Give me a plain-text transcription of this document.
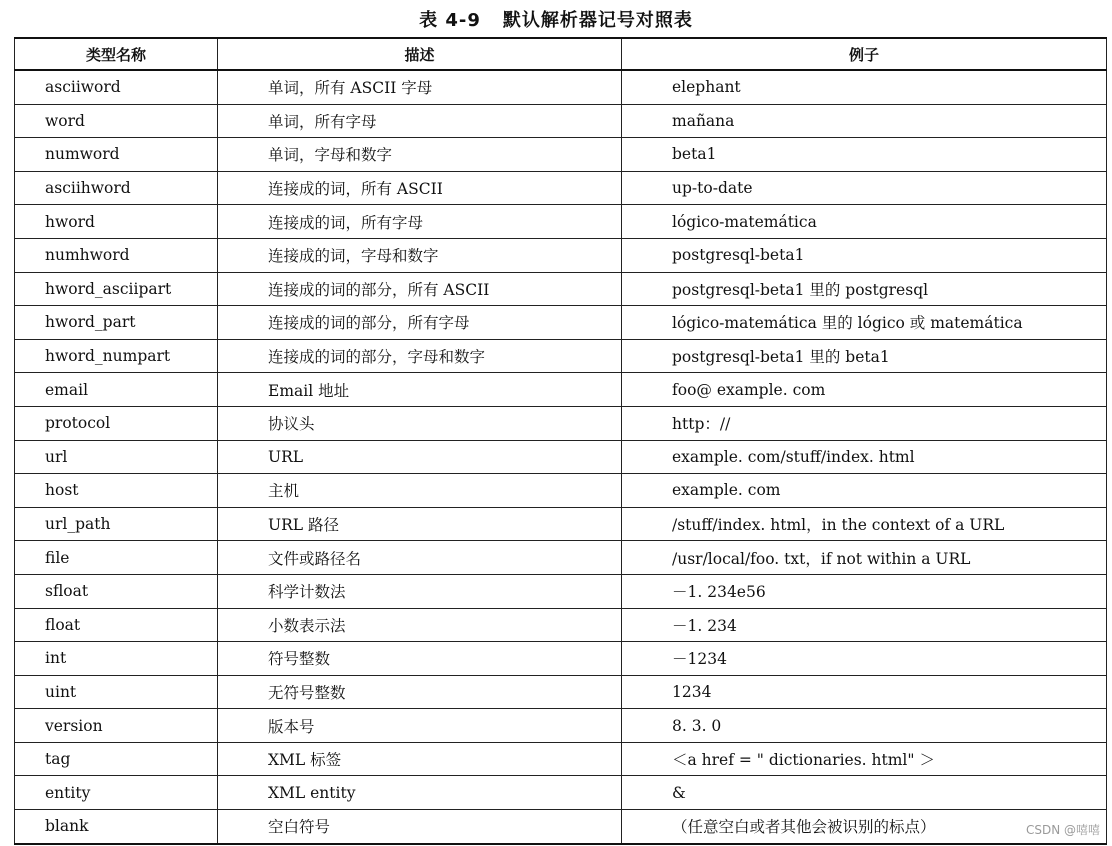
表 4-9 默认解析器记号对照表
类型名称	描述	例子
asciiword	单词，所有 ASCII 字母	elephant
word	单词，所有字母	mañana
numword	单词，字母和数字	beta1
asciihword	连接成的词，所有 ASCII	up-to-date
hword	连接成的词，所有字母	lógico-matemática
numhword	连接成的词，字母和数字	postgresql-beta1
hword_asciipart	连接成的词的部分，所有 ASCII	postgresql-beta1 里的 postgresql
hword_part	连接成的词的部分，所有字母	lógico-matemática 里的 lógico 或 matemática
hword_numpart	连接成的词的部分，字母和数字	postgresql-beta1 里的 beta1
email	Email 地址	foo@ example. com
protocol	协议头	http：//
url	URL	example. com/stuff/index. html
host	主机	example. com
url_path	URL 路径	/stuff/index. html，in the context of a URL
file	文件或路径名	/usr/local/foo. txt，if not within a URL
sfloat	科学计数法	－1. 234e56
float	小数表示法	－1. 234
int	符号整数	－1234
uint	无符号整数	1234
version	版本号	8. 3. 0
tag	XML 标签	＜a href = " dictionaries. html" ＞
entity	XML entity	&
blank	空白符号	（任意空白或者其他会被识别的标点）	CSDN @嘻嘻
